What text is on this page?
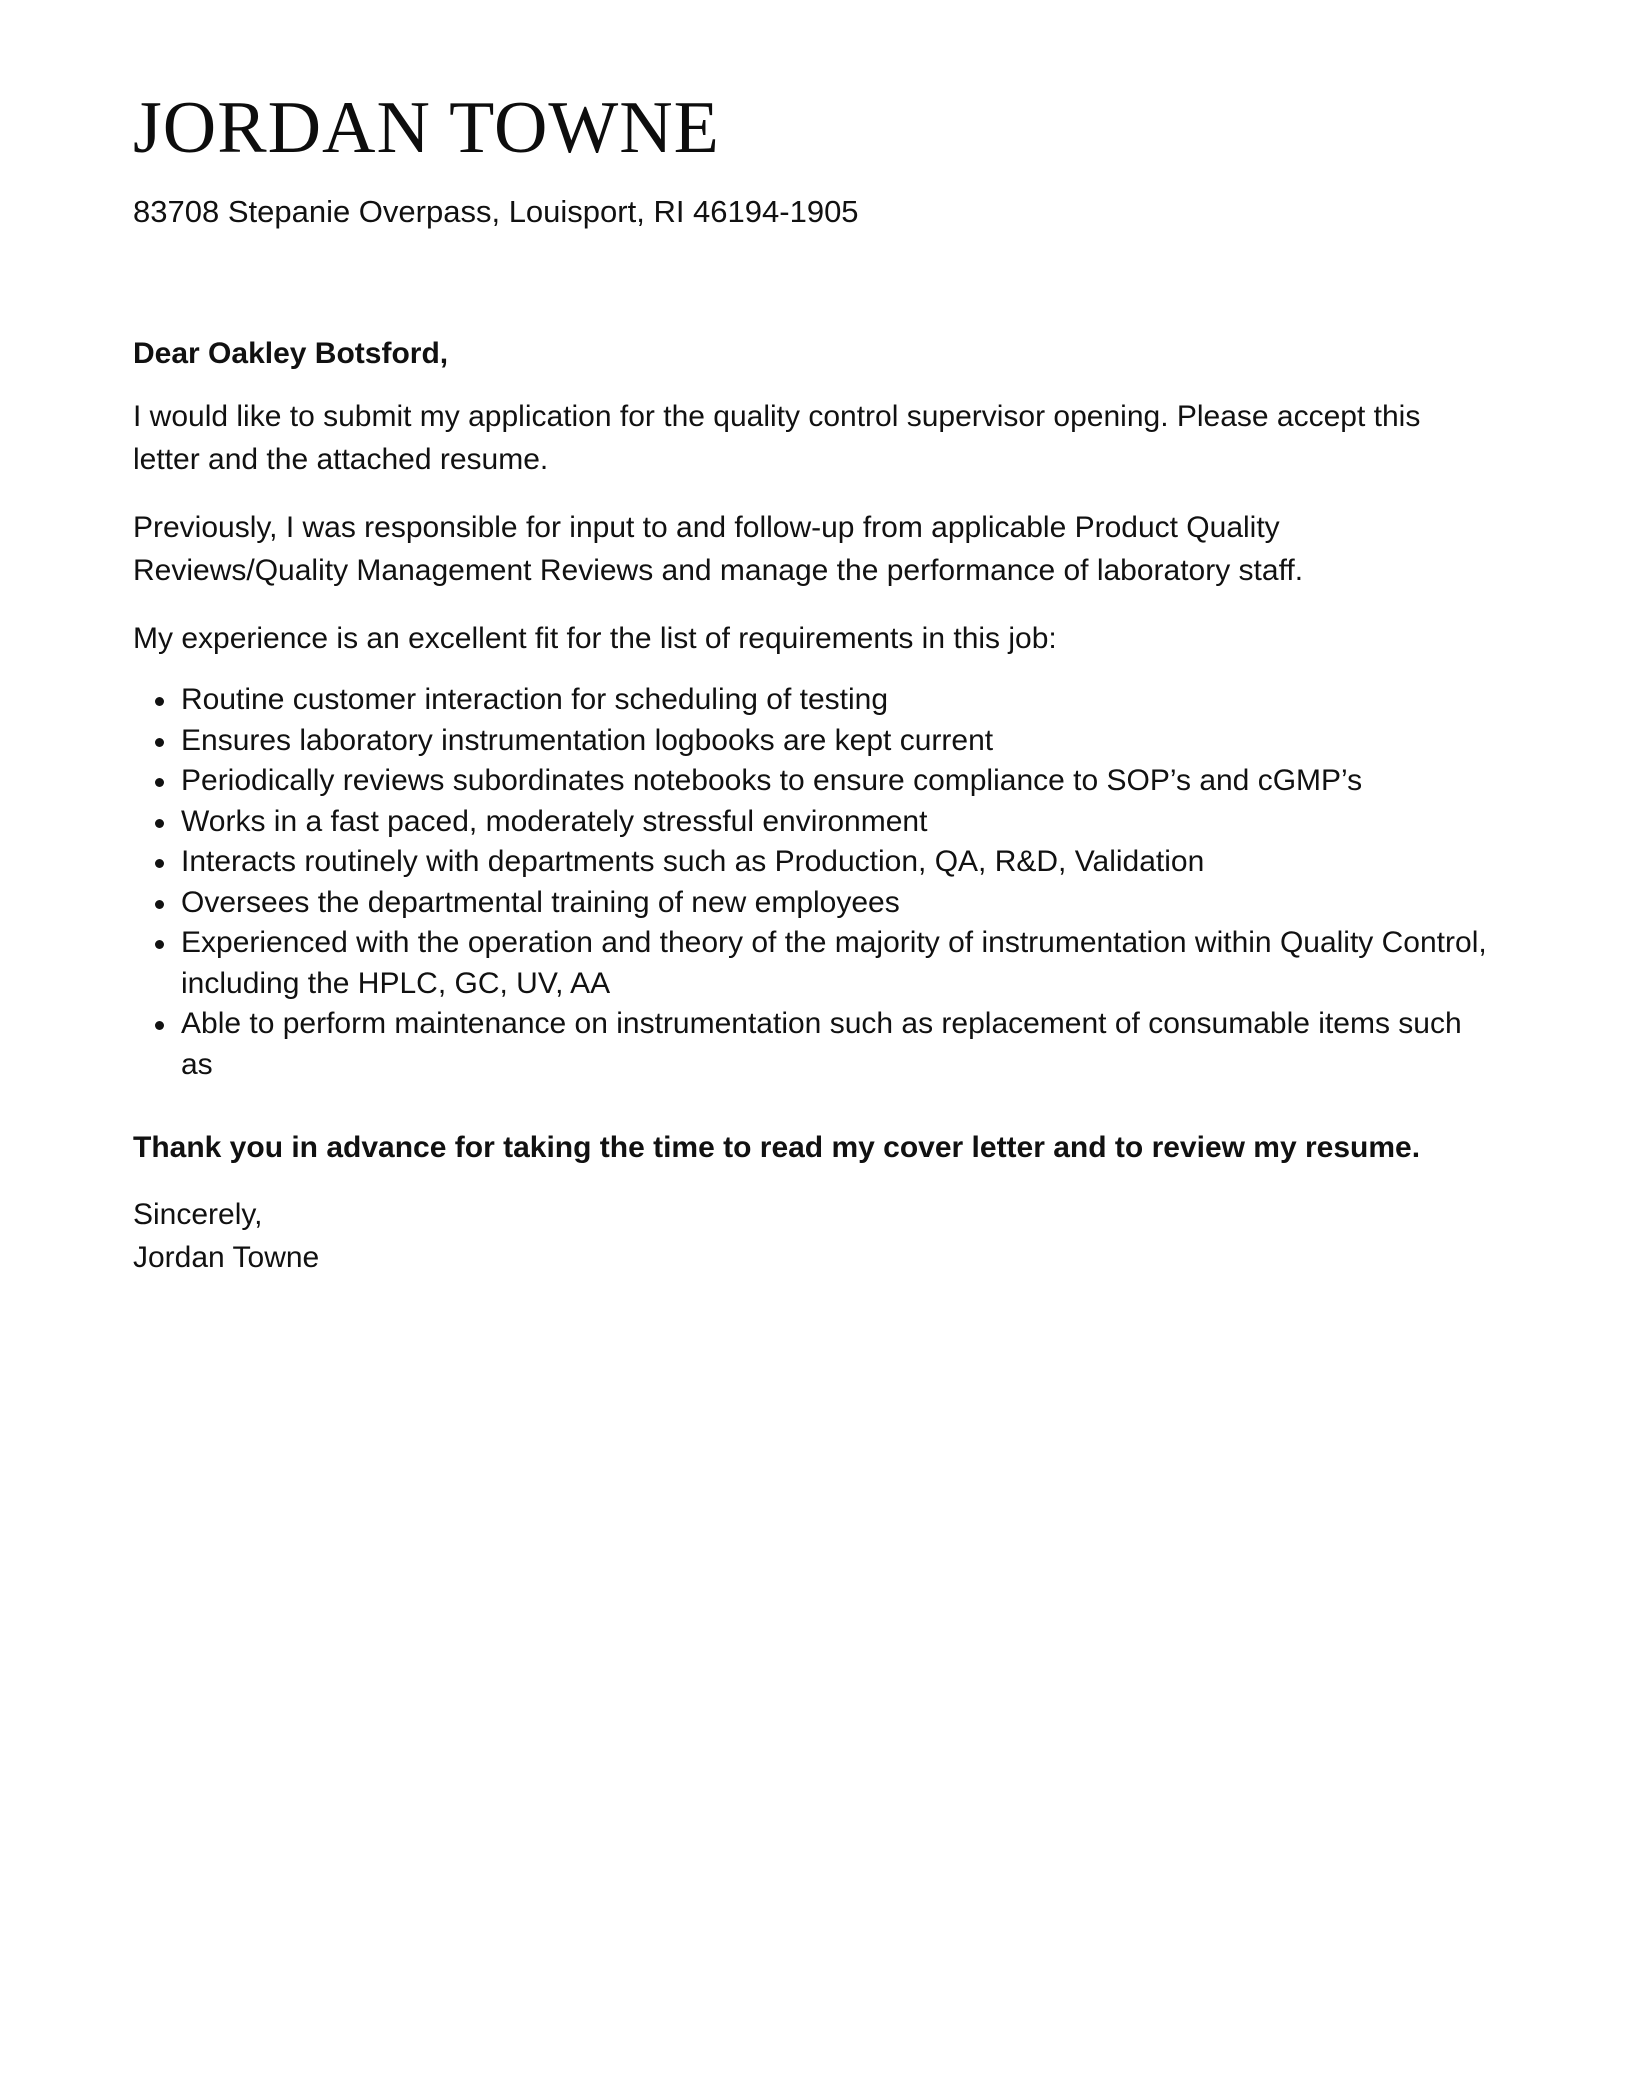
JORDAN TOWNE
83708 Stepanie Overpass, Louisport, RI 46194-1905

Dear Oakley Botsford,

I would like to submit my application for the quality control supervisor opening. Please accept this letter and the attached resume.

Previously, I was responsible for input to and follow-up from applicable Product Quality Reviews/Quality Management Reviews and manage the performance of laboratory staff.

My experience is an excellent fit for the list of requirements in this job:

Routine customer interaction for scheduling of testing
Ensures laboratory instrumentation logbooks are kept current
Periodically reviews subordinates notebooks to ensure compliance to SOP’s and cGMP’s
Works in a fast paced, moderately stressful environment
Interacts routinely with departments such as Production, QA, R&D, Validation
Oversees the departmental training of new employees
Experienced with the operation and theory of the majority of instrumentation within Quality Control, including the HPLC, GC, UV, AA
Able to perform maintenance on instrumentation such as replacement of consumable items such as

Thank you in advance for taking the time to read my cover letter and to review my resume.

Sincerely,
Jordan Towne
